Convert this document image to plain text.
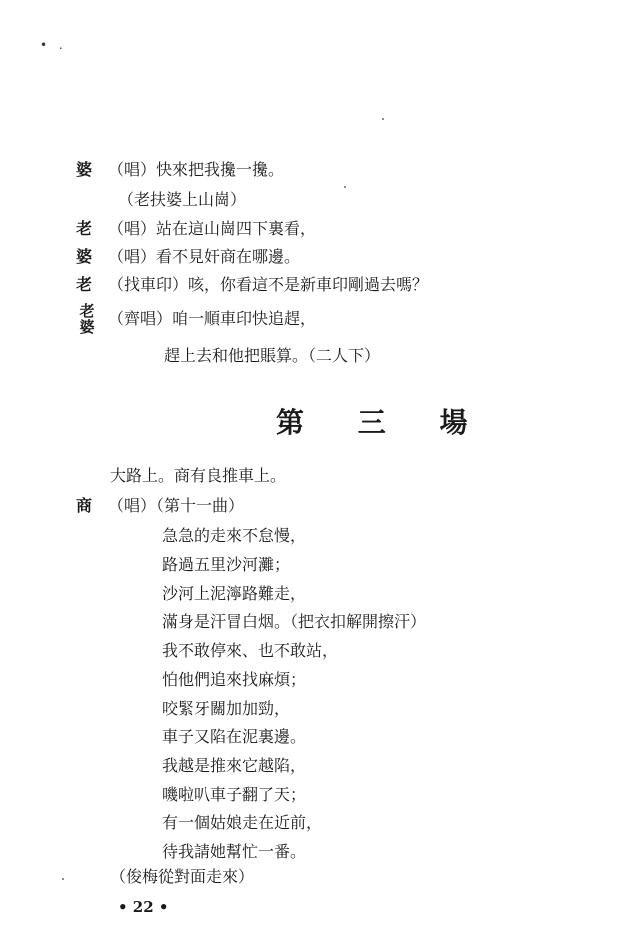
• .
婆 （唱）快來把我攙一攙。
（老扶婆上山崗）
老 （唱）站在這山崗四下裏看，
婆 （唱）看不見奸商在哪邊。
老 （找車印）咳，你看這不是新車印剛過去嗎？
老
婆 （齊唱）咱一順車印快追趕，
趕上去和他把賬算。（二人下）
第 三 場
大路上。商有良推車上。
商 （唱）（第十一曲）
急急的走來不怠慢，
路過五里沙河灘；
沙河上泥濘路難走，
滿身是汗冒白烟。（把衣扣解開擦汗）
我不敢停來、也不敢站，
怕他們追來找麻煩；
咬緊牙關加加勁，
車子又陷在泥裏邊。
我越是推來它越陷，
嘰啦叭車子翻了天；
有一個姑娘走在近前，
待我請她幫忙一番。
（俊梅從對面走來）
• 22 •
